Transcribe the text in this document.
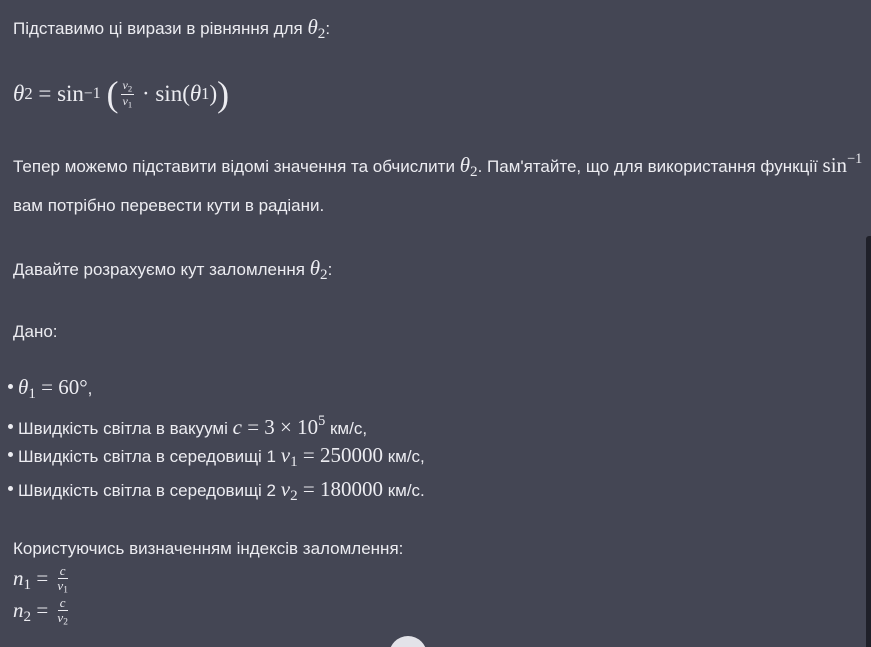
Підставимо ці вирази в рівняння для $\theta_2$:

θ 2 = sin −1 ( $\frac{v_2}{v_1} \cdot \sin$( θ 1 ) )

Тепер можемо підставити відомі значення та обчислити $\theta_2$. Пам'ятайте, що для використання функції $\sin^{-1}$ вам потрібно перевести кути в радіани.

Давайте розрахуємо кут заломлення $\theta_2$:

Дано:

$\theta_1 = 60^\circ$,
Швидкість світла в вакуумі $c = 3 \times 10^5$ км/с,
Швидкість світла в середовищі 1 $v_1 = 250000$ км/с,
Швидкість світла в середовищі 2 $v_2 = 180000$ км/с.

Користуючись визначенням індексів заломлення:

$n_1 = \frac{c}{v_1}$
$n_2 = \frac{c}{v_2}$
